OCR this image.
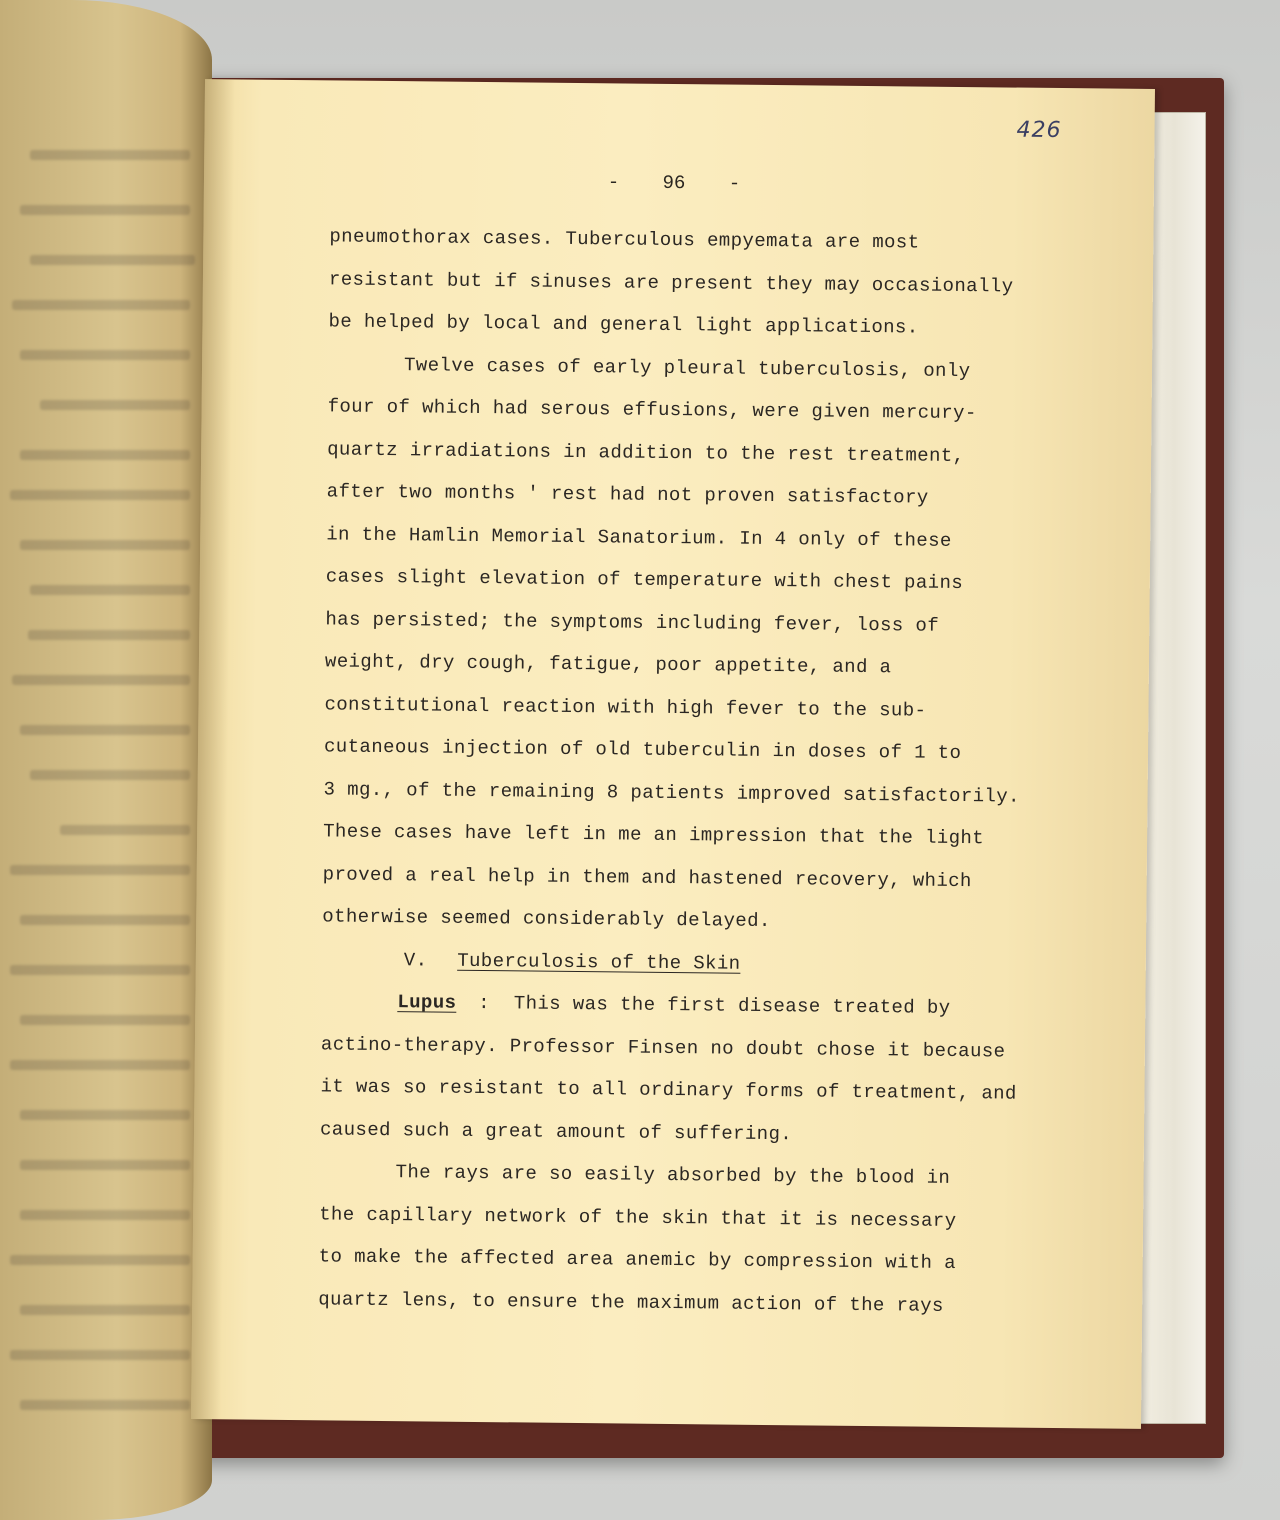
426
- 96 -
pneumothorax cases. Tuberculous empyemata are most
resistant but if sinuses are present they may occasionally
be helped by local and general light applications.
Twelve cases of early pleural tuberculosis, only
four of which had serous effusions, were given mercury-
quartz irradiations in addition to the rest treatment,
after two months ' rest had not proven satisfactory
in the Hamlin Memorial Sanatorium. In 4 only of these
cases slight elevation of temperature with chest pains
has persisted; the symptoms including fever, loss of
weight, dry cough, fatigue, poor appetite, and a
constitutional reaction with high fever to the sub-
cutaneous injection of old tuberculin in doses of 1 to
3 mg., of the remaining 8 patients improved satisfactorily.
These cases have left in me an impression that the light
proved a real help in them and hastened recovery, which
otherwise seemed considerably delayed.
V. Tuberculosis of the Skin
Lupus : This was the first disease treated by
actino-therapy. Professor Finsen no doubt chose it because
it was so resistant to all ordinary forms of treatment, and
caused such a great amount of suffering.
The rays are so easily absorbed by the blood in
the capillary network of the skin that it is necessary
to make the affected area anemic by compression with a
quartz lens, to ensure the maximum action of the rays
